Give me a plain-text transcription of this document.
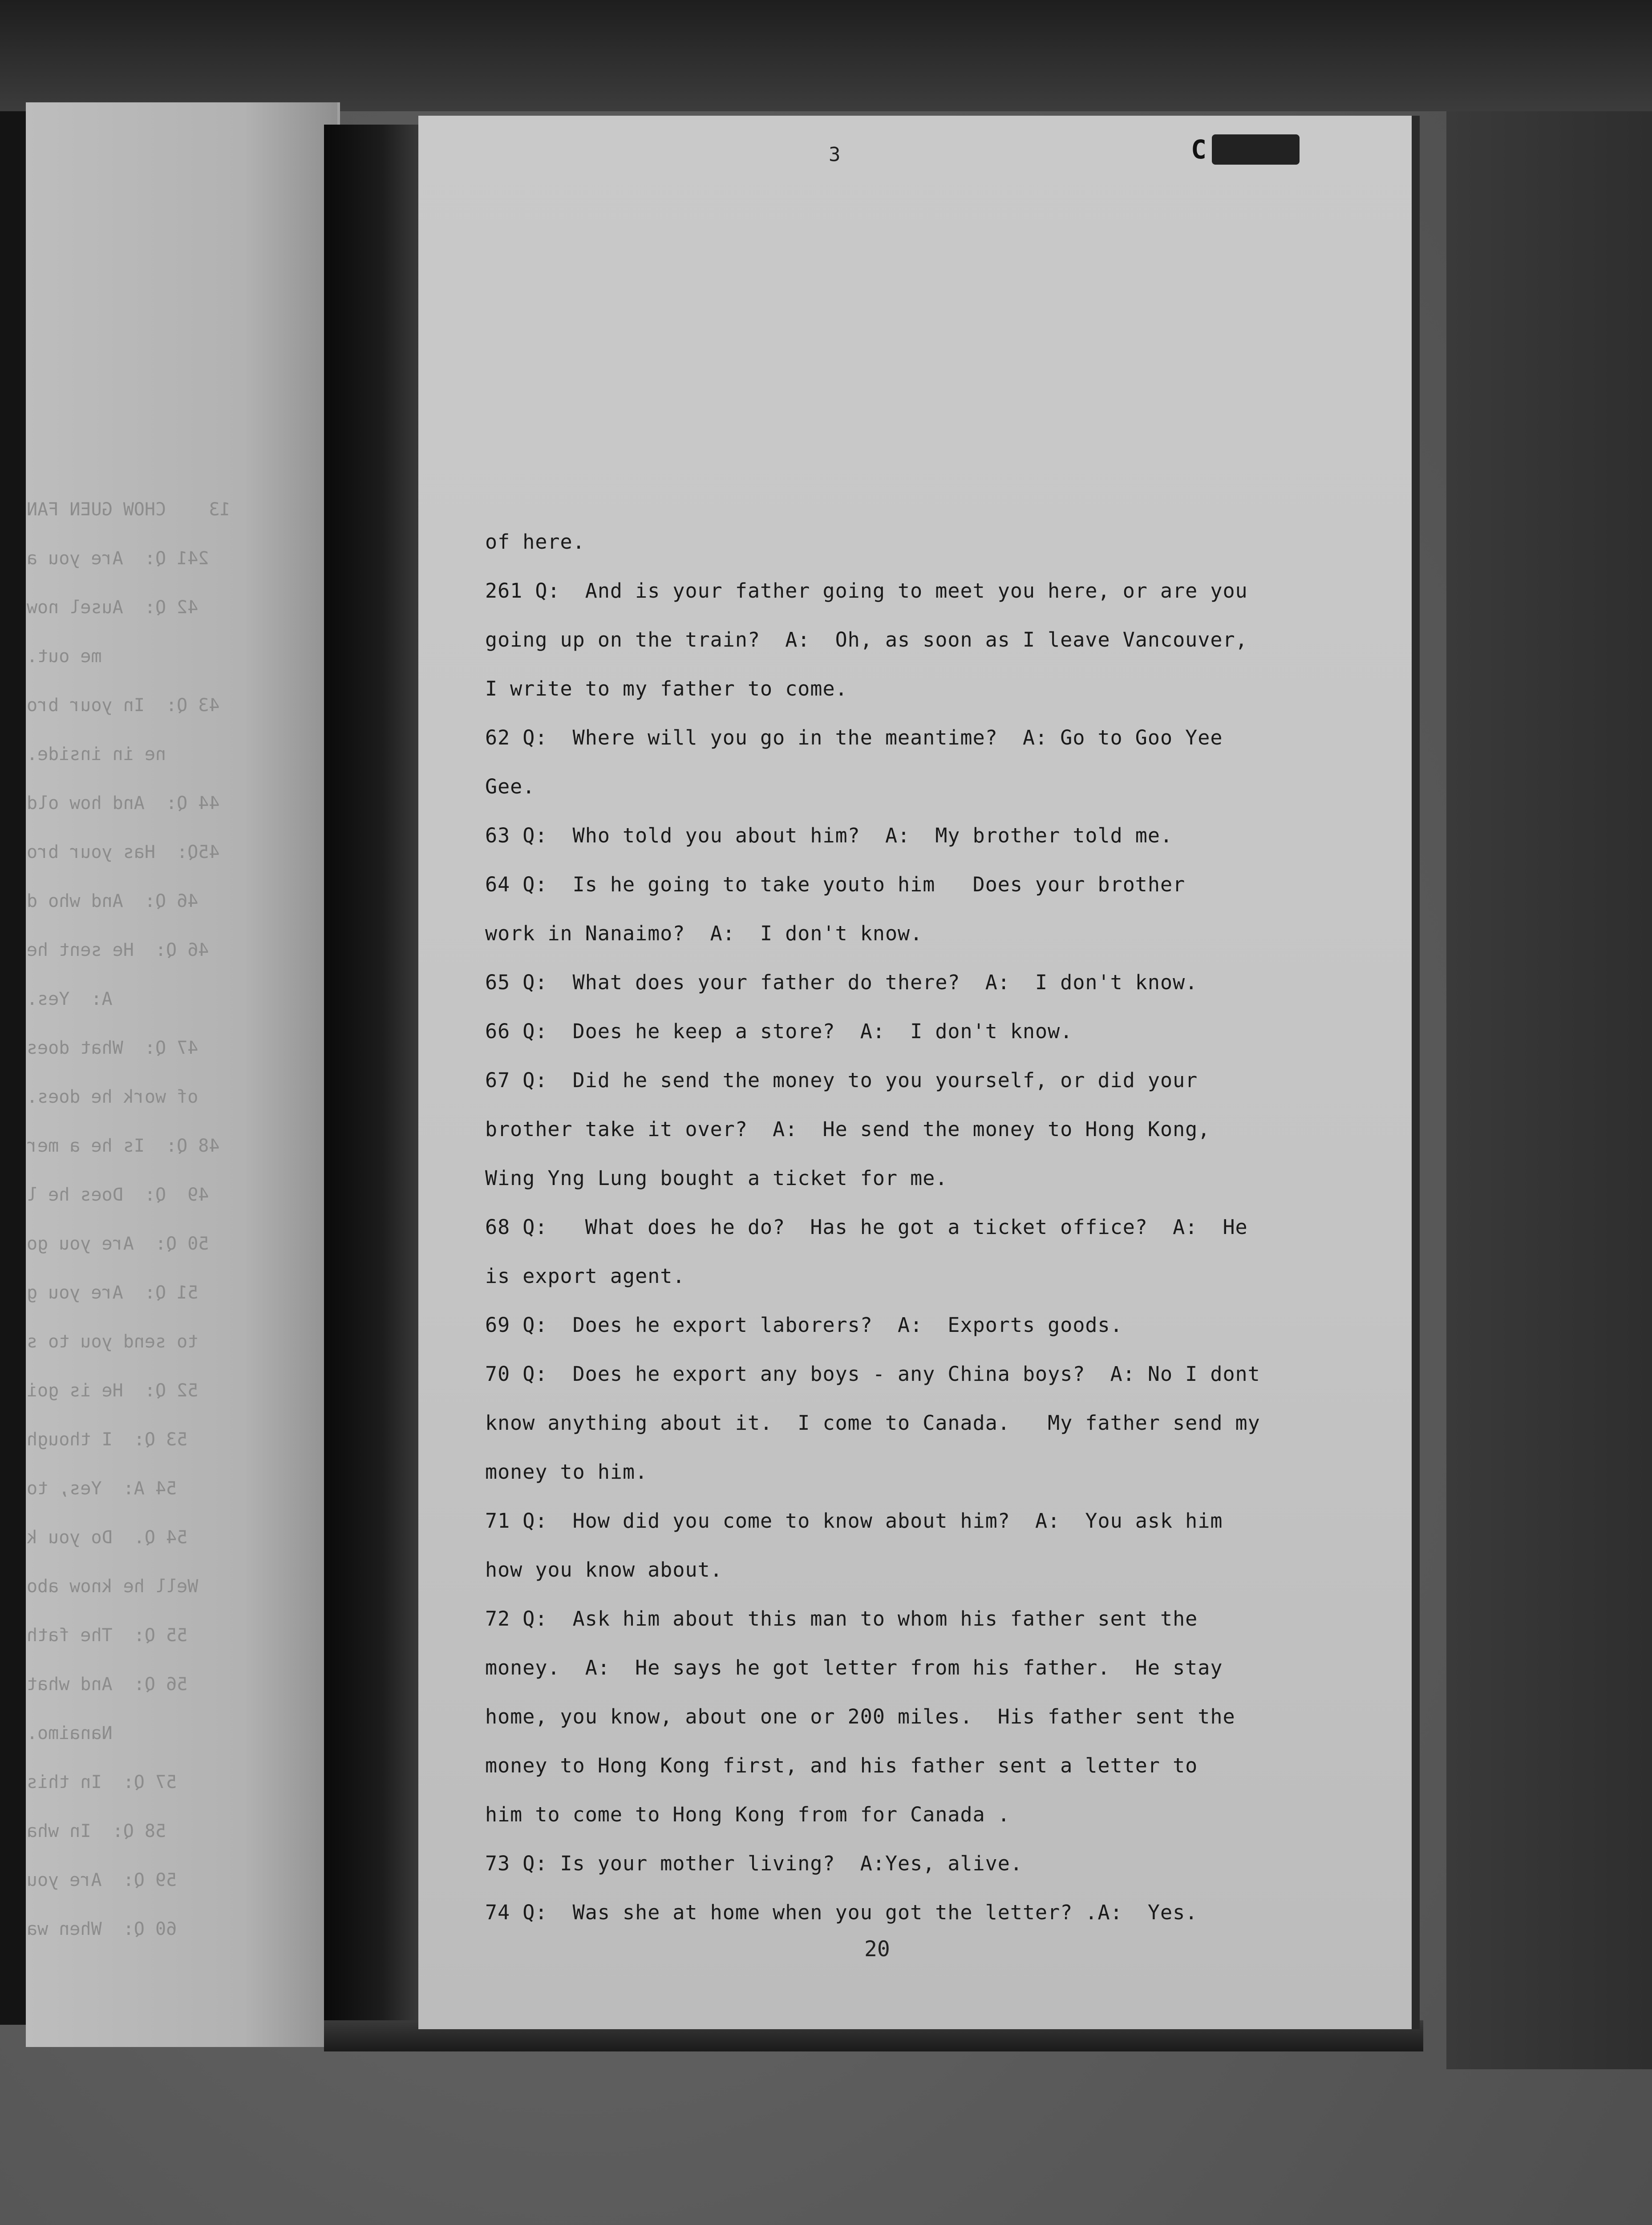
13    CHOW GUEN FAN
241 Q:  Are you a
42 Q:  Ausel now
me out.
43 Q:  In your bro
ne in inside.
44 Q:  And how old
45Q:  Has your bro
46 Q:  And who d
46 Q:  He sent he
A:  Yes.
47 Q:  What does
of work he does.
48 Q:  Is he a mer
49  Q:  Does he l
50 Q:  Are you go
51 Q:  Are you g
to send you to s
52 Q:  He is goi
53 Q:  I though
54 A:  Yes, to
54 Q.  Do you k
Well he know abo
55 Q:  The fath
56 Q:  And what
Nanaimo.
57 Q:  In this
58 Q:  In wha
59 Q:  Are you
60 Q:  When wa
3	C 25300
of here.
261 Q:  And is your father going to meet you here, or are you
going up on the train?  A:  Oh, as soon as I leave Vancouver,
I write to my father to come.
62 Q:  Where will you go in the meantime?  A: Go to Goo Yee
Gee.
63 Q:  Who told you about him?  A:  My brother told me.
64 Q:  Is he going to take youto him   Does your brother
work in Nanaimo?  A:  I don't know.
65 Q:  What does your father do there?  A:  I don't know.
66 Q:  Does he keep a store?  A:  I don't know.
67 Q:  Did he send the money to you yourself, or did your
brother take it over?  A:  He send the money to Hong Kong,
Wing Yng Lung bought a ticket for me.
68 Q:   What does he do?  Has he got a ticket office?  A:  He
is export agent.
69 Q:  Does he export laborers?  A:  Exports goods.
70 Q:  Does he export any boys - any China boys?  A: No I dont
know anything about it.  I come to Canada.   My father send my
money to him.
71 Q:  How did you come to know about him?  A:  You ask him
how you know about.
72 Q:  Ask him about this man to whom his father sent the
money.  A:  He says he got letter from his father.  He stay
home, you know, about one or 200 miles.  His father sent the
money to Hong Kong first, and his father sent a letter to
him to come to Hong Kong from for Canada .
73 Q: Is your mother living?  A:Yes, alive.
74 Q:  Was she at home when you got the letter? .A:  Yes.
20
